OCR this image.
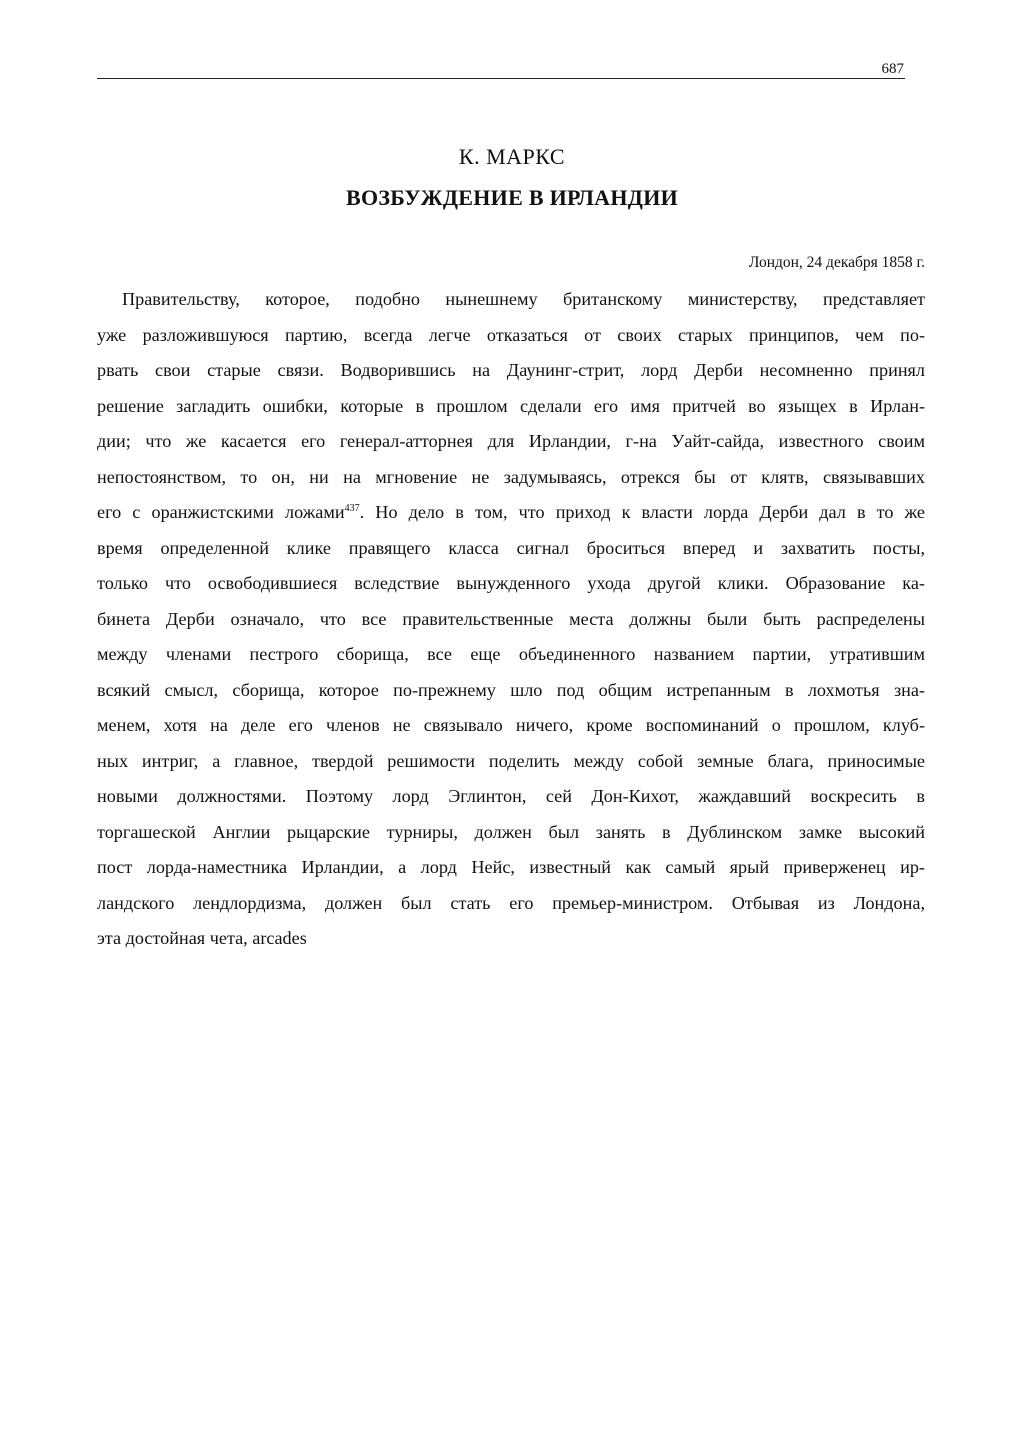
687
К. МАРКС
ВОЗБУЖДЕНИЕ В ИРЛАНДИИ
Лондон, 24 декабря 1858 г.
Правительству, которое, подобно нынешнему британскому министерству, представляет
уже разложившуюся партию, всегда легче отказаться от своих старых принципов, чем по-
рвать свои старые связи. Водворившись на Даунинг-стрит, лорд Дерби несомненно принял
решение загладить ошибки, которые в прошлом сделали его имя притчей во языщех в Ирлан-
дии; что же касается его генерал-атторнея для Ирландии, г-на Уайт-сайда, известного своим
непостоянством, то он, ни на мгновение не задумываясь, отрекся бы от клятв, связывавших
его с оранжистскими ложами$^{437}$. Но дело в том, что приход к власти лорда Дерби дал в то же
время определенной клике правящего класса сигнал броситься вперед и захватить посты,
только что освободившиеся вследствие вынужденного ухода другой клики. Образование ка-
бинета Дерби означало, что все правительственные места должны были быть распределены
между членами пестрого сборища, все еще объединенного названием партии, утратившим
всякий смысл, сборища, которое по-прежнему шло под общим истрепанным в лохмотья зна-
менем, хотя на деле его членов не связывало ничего, кроме воспоминаний о прошлом, клуб-
ных интриг, а главное, твердой решимости поделить между собой земные блага, приносимые
новыми должностями. Поэтому лорд Эглинтон, сей Дон-Кихот, жаждавший воскресить в
торгашеской Англии рыцарские турниры, должен был занять в Дублинском замке высокий
пост лорда-наместника Ирландии, а лорд Нейс, известный как самый ярый приверженец ир-
ландского лендлордизма, должен был стать его премьер-министром. Отбывая из Лондона,
эта достойная чета, arcades
